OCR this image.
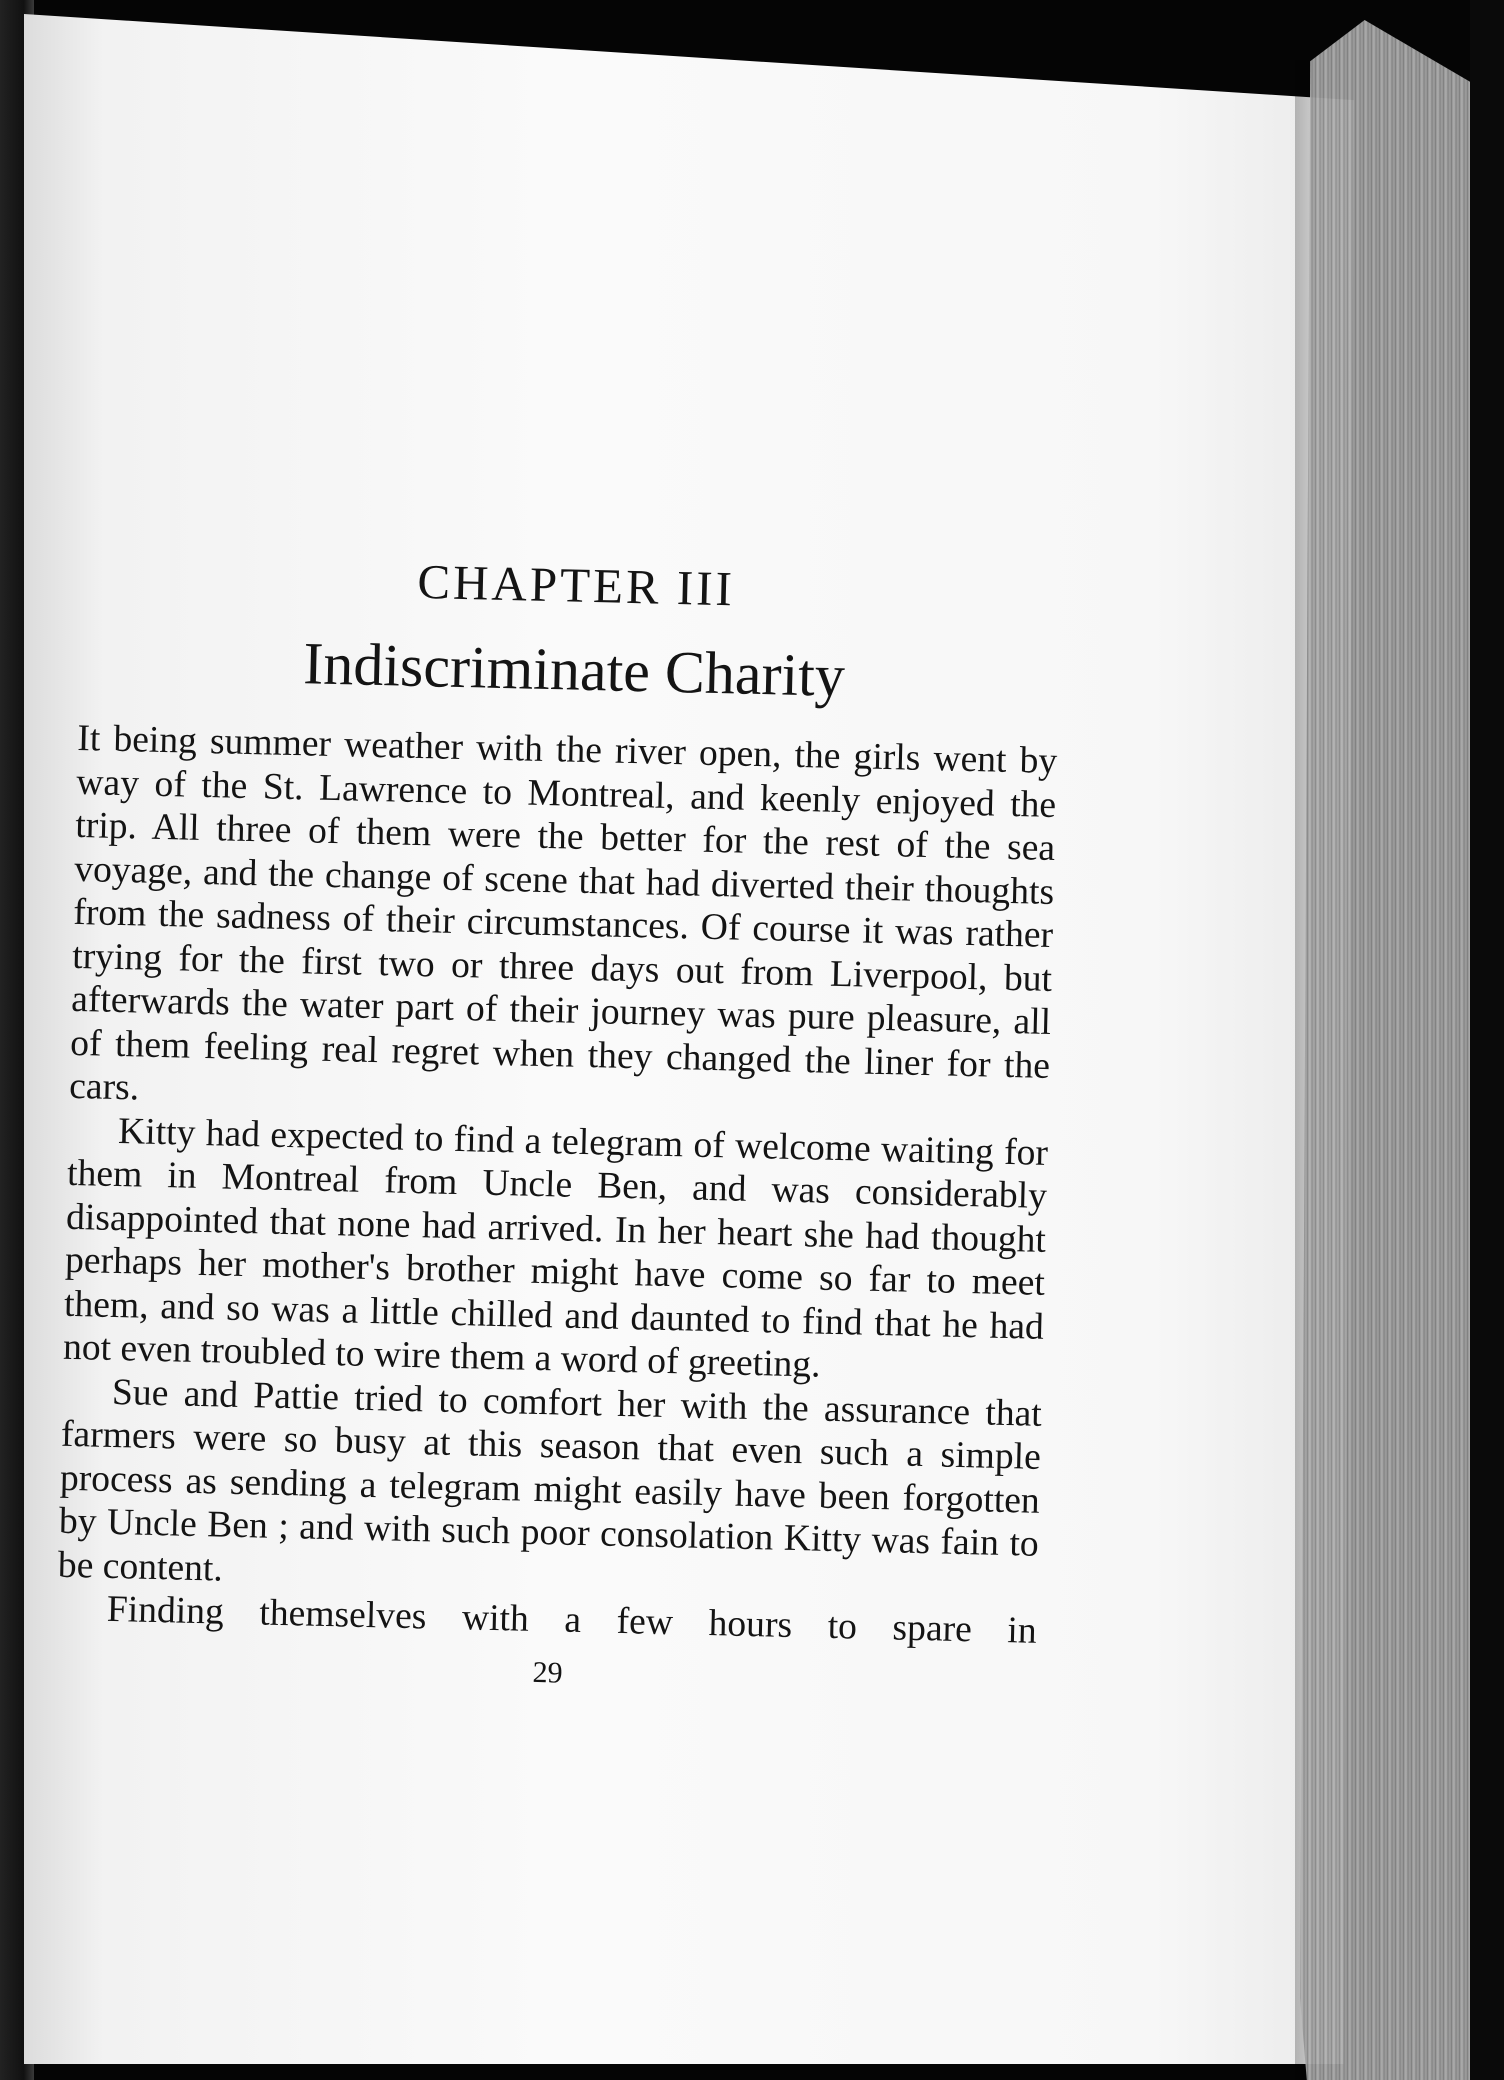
CHAPTER III
Indiscriminate Charity

It being summer weather with the river open, the girls went by way of the St. Lawrence to Montreal, and keenly enjoyed the trip. All three of them were the better for the rest of the sea voyage, and the change of scene that had diverted their thoughts from the sadness of their circumstances. Of course it was rather trying for the first two or three days out from Liverpool, but afterwards the water part of their journey was pure pleasure, all of them feeling real regret when they changed the liner for the cars.

Kitty had expected to find a telegram of welcome waiting for them in Montreal from Uncle Ben, and was considerably disappointed that none had arrived. In her heart she had thought perhaps her mother's brother might have come so far to meet them, and so was a little chilled and daunted to find that he had not even troubled to wire them a word of greeting.

Sue and Pattie tried to comfort her with the assurance that farmers were so busy at this season that even such a simple process as sending a telegram might easily have been forgotten by Uncle Ben ; and with such poor consolation Kitty was fain to be content.

Finding themselves with a few hours to spare in

29
